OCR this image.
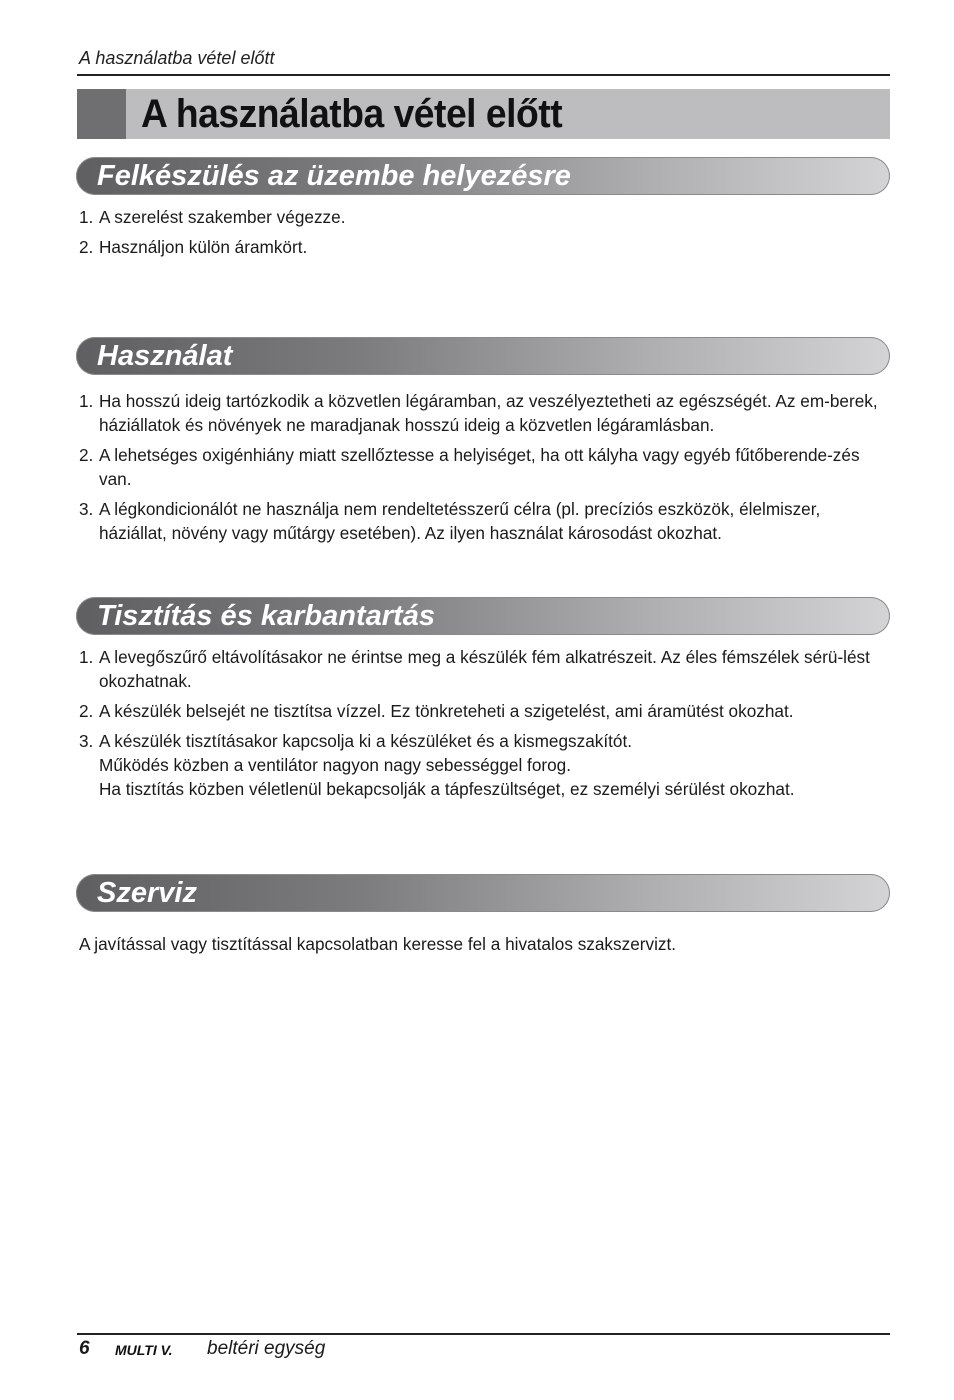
A használatba vétel előtt
A használatba vétel előtt
Felkészülés az üzembe helyezésre
1. A szerelést szakember végezze.
2. Használjon külön áramkört.
Használat
1. Ha hosszú ideig tartózkodik a közvetlen légáramban, az veszélyeztetheti az egészségét. Az em-berek, háziállatok és növények ne maradjanak hosszú ideig a közvetlen légáramlásban.
2. A lehetséges oxigénhiány miatt szellőztesse a helyiséget, ha ott kályha vagy egyéb fűtőberende-zés van.
3. A légkondicionálót ne használja nem rendeltetésszerű célra (pl. precíziós eszközök, élelmiszer, háziállat, növény vagy műtárgy esetében). Az ilyen használat károsodást okozhat.
Tisztítás és karbantartás
1. A levegőszűrő eltávolításakor ne érintse meg a készülék fém alkatrészeit. Az éles fémszélek sérü-lést okozhatnak.
2. A készülék belsejét ne tisztítsa vízzel. Ez tönkreteheti a szigetelést, ami áramütést okozhat.
3. A készülék tisztításakor kapcsolja ki a készüléket és a kismegszakítót.
Működés közben a ventilátor nagyon nagy sebességgel forog.
Ha tisztítás közben véletlenül bekapcsolják a tápfeszültséget, ez személyi sérülést okozhat.
Szerviz
A javítással vagy tisztítással kapcsolatban keresse fel a hivatalos szakszervizt.
6 MULTI V. beltéri egység
